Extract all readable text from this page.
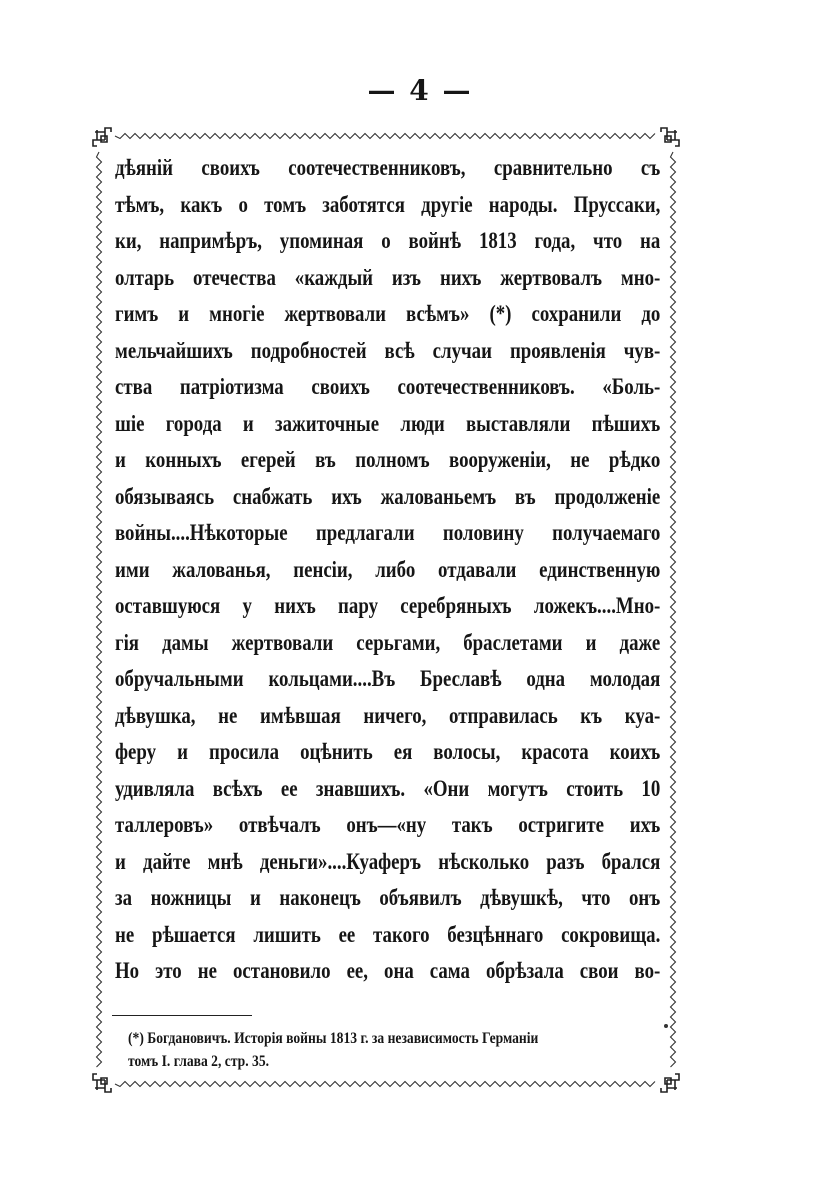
— 4 —
дѣяній своихъ соотечественниковъ, сравнительно съ
тѣмъ, какъ о томъ заботятся другіе народы. Пруссаки,
ки, напримѣръ, упоминая о войнѣ 1813 года, что на
олтарь отечества «каждый изъ нихъ жертвовалъ мно-
гимъ и многіе жертвовали всѣмъ» (*) сохранили до
мельчайшихъ подробностей всѣ случаи проявленія чув-
ства патріотизма своихъ соотечественниковъ. «Боль-
шіе города и зажиточные люди выставляли пѣшихъ
и конныхъ егерей въ полномъ вооруженіи, не рѣдко
обязываясь снабжать ихъ жалованьемъ въ продолженіе
войны....Нѣкоторые предлагали половину получаемаго
ими жалованья, пенсіи, либо отдавали единственную
оставшуюся у нихъ пару серебряныхъ ложекъ....Мно-
гія дамы жертвовали серьгами, браслетами и даже
обручальными кольцами....Въ Бреславѣ одна молодая
дѣвушка, не имѣвшая ничего, отправилась къ куа-
феру и просила оцѣнить ея волосы, красота коихъ
удивляла всѣхъ ее знавшихъ. «Они могутъ стоить 10
таллеровъ» отвѣчалъ онъ—«ну такъ остригите ихъ
и дайте мнѣ деньги»....Куаферъ нѣсколько разъ брался
за ножницы и наконецъ объявилъ дѣвушкѣ, что онъ
не рѣшается лишить ее такого безцѣннаго сокровища.
Но это не остановило ее, она сама обрѣзала свои во-
(*) Богдановичъ. Исторія войны 1813 г. за независимость Германіи
томъ I. глава 2, стр. 35.
